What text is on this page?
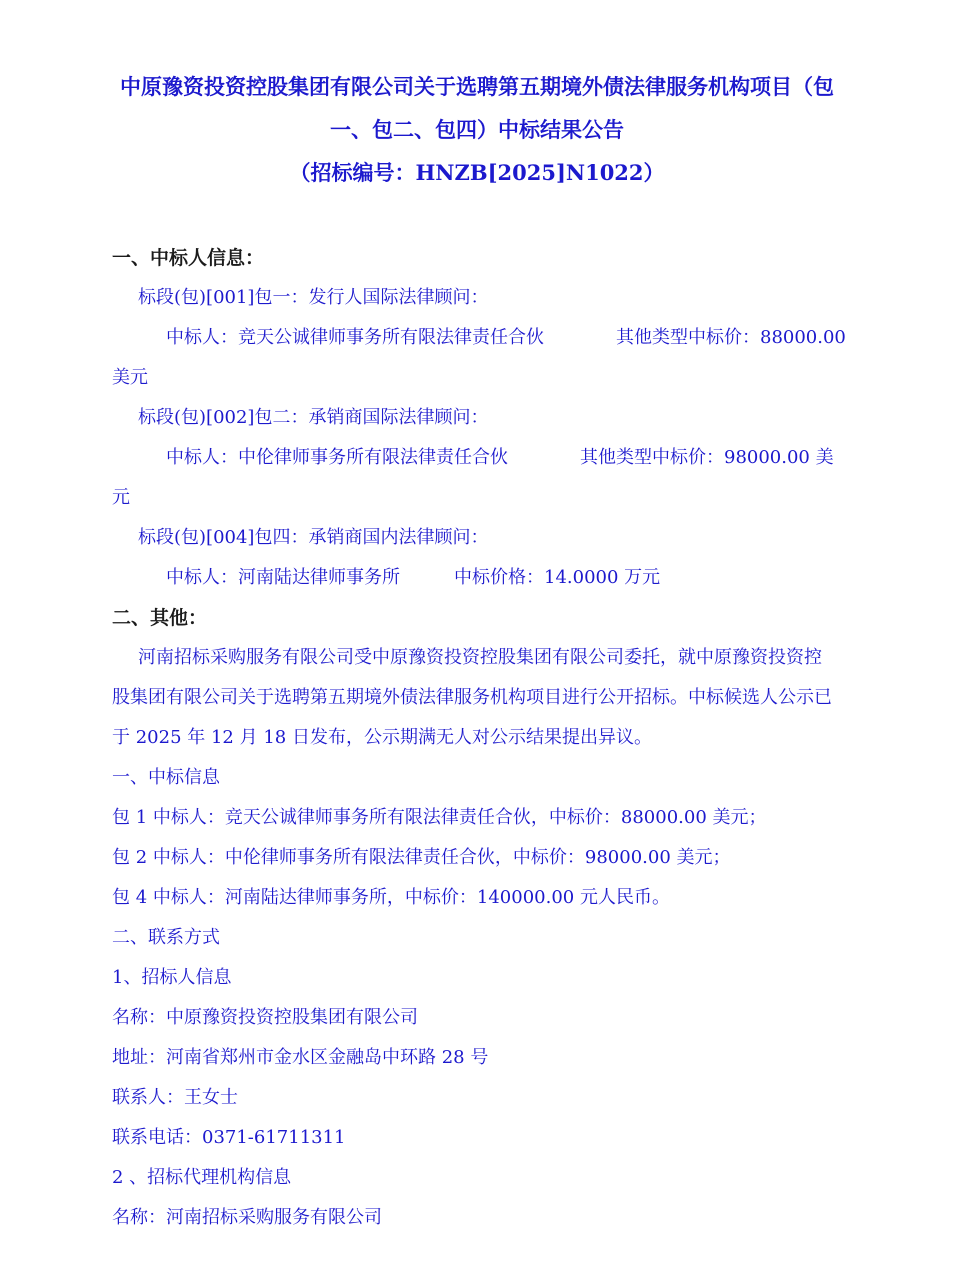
中原豫资投资控股集团有限公司关于选聘第五期境外债法律服务机构项目（包
一、包二、包四）中标结果公告
（招标编号：HNZB[2025]N1022）
一、中标人信息：
标段(包)[001]包一：发行人国际法律顾问：
中标人：竞天公诚律师事务所有限法律责任合伙　　　　其他类型中标价：88000.00
美元
标段(包)[002]包二：承销商国际法律顾问：
中标人：中伦律师事务所有限法律责任合伙　　　　其他类型中标价：98000.00 美
元
标段(包)[004]包四：承销商国内法律顾问：
中标人：河南陆达律师事务所　　　中标价格：14.0000 万元
二、其他：
河南招标采购服务有限公司受中原豫资投资控股集团有限公司委托，就中原豫资投资控
股集团有限公司关于选聘第五期境外债法律服务机构项目进行公开招标。中标候选人公示已
于 2025 年 12 月 18 日发布，公示期满无人对公示结果提出异议。
一、中标信息
包 1 中标人：竞天公诚律师事务所有限法律责任合伙，中标价：88000.00 美元；
包 2 中标人：中伦律师事务所有限法律责任合伙，中标价：98000.00 美元；
包 4 中标人：河南陆达律师事务所，中标价：140000.00 元人民币。
二、联系方式
1、招标人信息
名称：中原豫资投资控股集团有限公司
地址：河南省郑州市金水区金融岛中环路 28 号
联系人：王女士
联系电话：0371-61711311
2 、招标代理机构信息
名称：河南招标采购服务有限公司
